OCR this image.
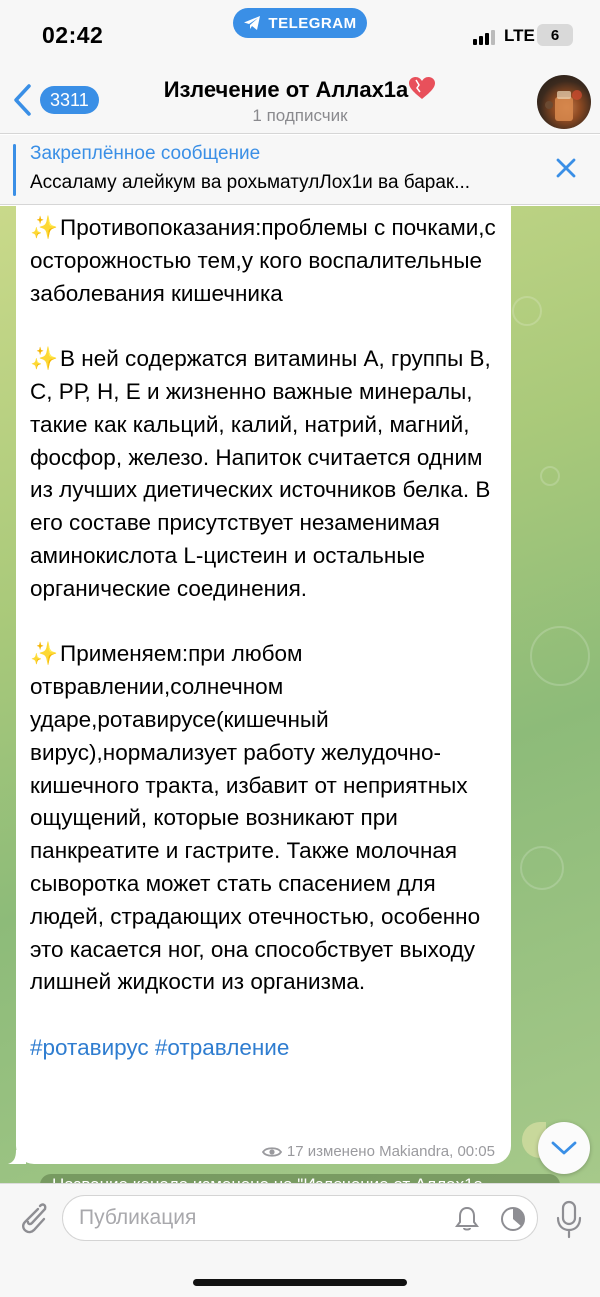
02:42	TELEGRAM
LTE	6
3311	Излечение от Аллах1а
1 подписчик
Закреплённое сообщение
Ассаламу алейкум ва рохьматулЛох1и ва барак...
✨Противопоказания:проблемы с почками,с осторожностью тем,у кого воспалительные заболевания кишечника
✨В ней содержатся витамины А, группы В, С, РР, Н, Е и жизненно важные минералы, такие как кальций, калий, натрий, магний, фосфор, железо. Напиток считается одним из лучших диетических источников белка. В его составе присутствует незаменимая аминокислота L-цистеин и остальные органические соединения.
✨Применяем:при любом отвравлении,солнечном ударе,ротавирусе(кишечный вирус),нормализует работу желудочно-кишечного тракта, избавит от неприятных ощущений, которые возникают при панкреатите и гастрите. Также молочная сыворотка может стать спасением для людей, страдающих отечностью, особенно это касается ног, она способствует выходу лишней жидкости из организма.
#ротавирус #отравление
17 изменено Makiandra, 00:05
Публикация
